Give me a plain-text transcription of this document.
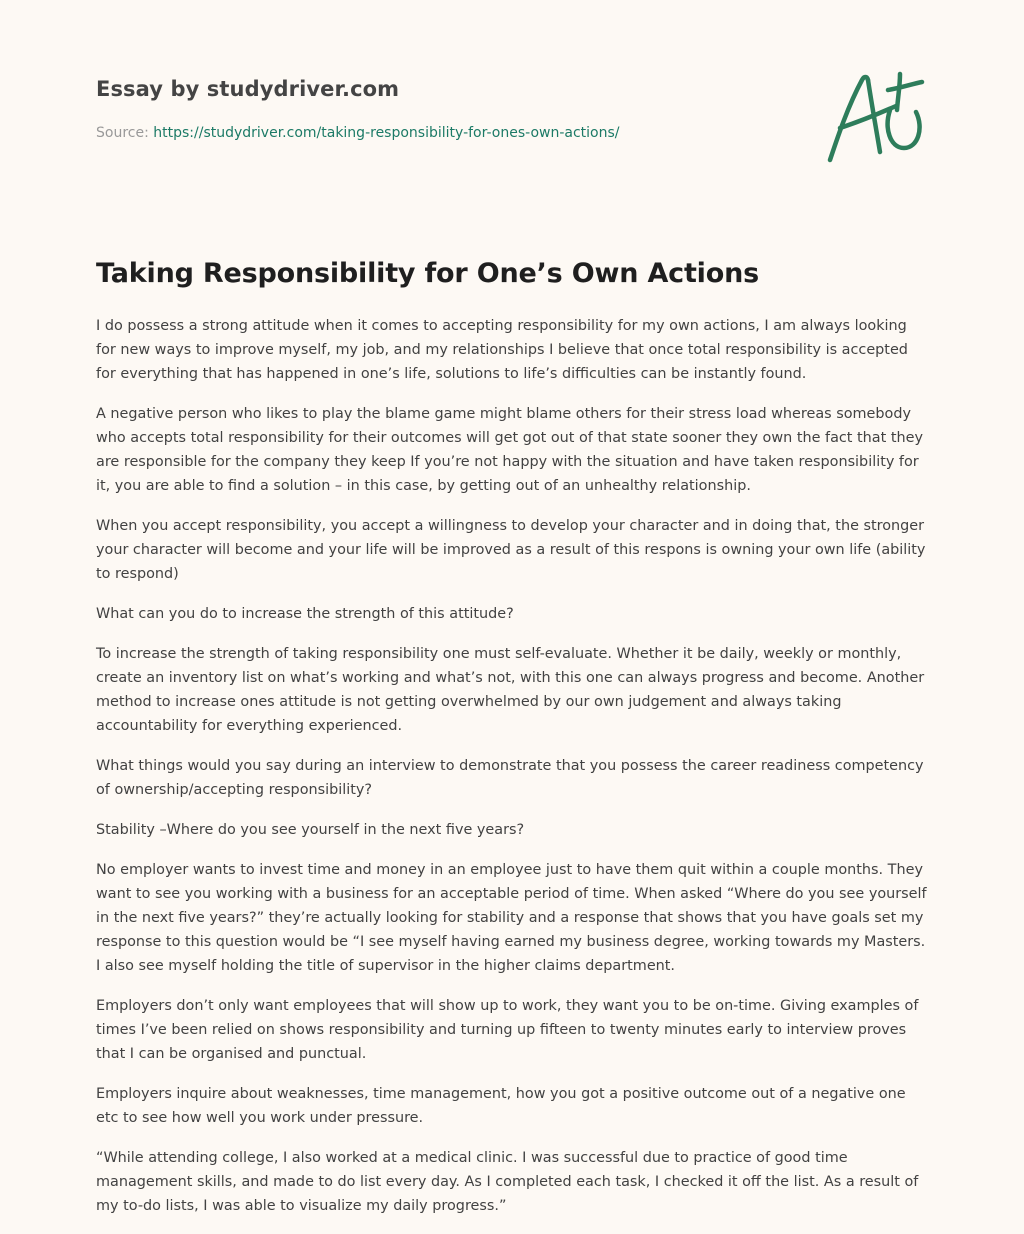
Essay by studydriver.com
Source: https://studydriver.com/taking-responsibility-for-ones-own-actions/
Taking Responsibility for One’s Own Actions

I do possess a strong attitude when it comes to accepting responsibility for my own actions, I am always looking for new ways to improve myself, my job, and my relationships I believe that once total responsibility is accepted for everything that has happened in one’s life, solutions to life’s difficulties can be instantly found.

A negative person who likes to play the blame game might blame others for their stress load whereas somebody who accepts total responsibility for their outcomes will get got out of that state sooner they own the fact that they are responsible for the company they keep If you’re not happy with the situation and have taken responsibility for it, you are able to find a solution – in this case, by getting out of an unhealthy relationship.

When you accept responsibility, you accept a willingness to develop your character and in doing that, the stronger your character will become and your life will be improved as a result of this respons is owning your own life (ability to respond)

What can you do to increase the strength of this attitude?

To increase the strength of taking responsibility one must self-evaluate. Whether it be daily, weekly or monthly, create an inventory list on what’s working and what’s not, with this one can always progress and become. Another method to increase ones attitude is not getting overwhelmed by our own judgement and always taking accountability for everything experienced.

What things would you say during an interview to demonstrate that you possess the career readiness competency of ownership/accepting responsibility?

Stability –Where do you see yourself in the next five years?

No employer wants to invest time and money in an employee just to have them quit within a couple months. They want to see you working with a business for an acceptable period of time. When asked “Where do you see yourself in the next five years?” they’re actually looking for stability and a response that shows that you have goals set my response to this question would be “I see myself having earned my business degree, working towards my Masters. I also see myself holding the title of supervisor in the higher claims department.

Employers don’t only want employees that will show up to work, they want you to be on-time. Giving examples of times I’ve been relied on shows responsibility and turning up fifteen to twenty minutes early to interview proves that I can be organised and punctual.

Employers inquire about weaknesses, time management, how you got a positive outcome out of a negative one etc to see how well you work under pressure.

“While attending college, I also worked at a medical clinic. I was successful due to practice of good time management skills, and made to do list every day. As I completed each task, I checked it off the list. As a result of my to-do lists, I was able to visualize my daily progress.”
